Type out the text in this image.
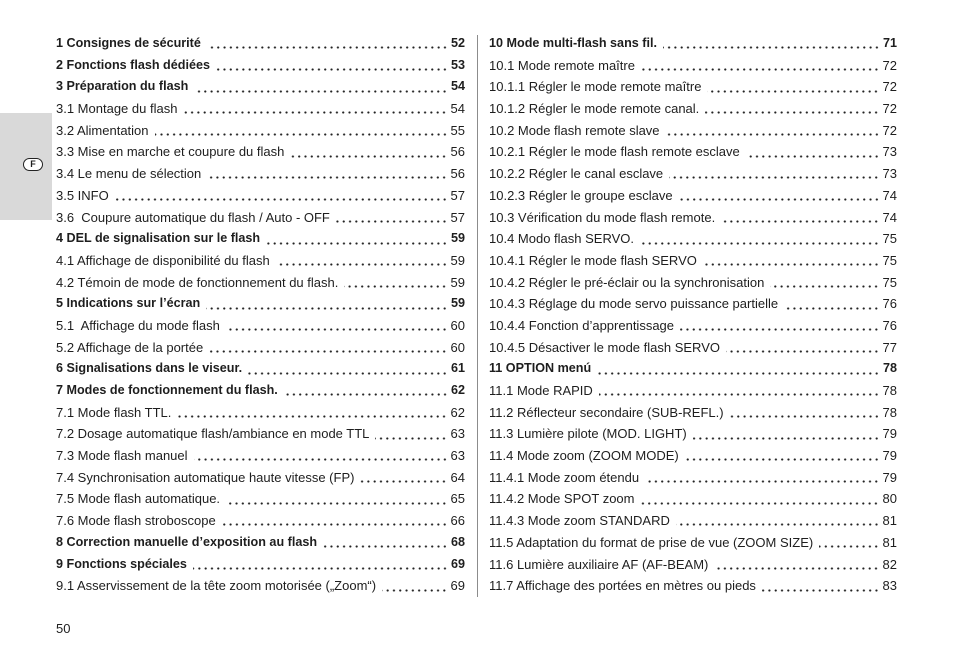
F
1 Consignes de sécurité	52
2 Fonctions flash dédiées	53
3 Préparation du flash	54
3.1 Montage du flash	54
3.2 Alimentation	55
3.3 Mise en marche et coupure du flash	56
3.4 Le menu de sélection	56
3.5 INFO	57
3.6  Coupure automatique du flash / Auto - OFF	57
4 DEL de signalisation sur le flash	59
4.1 Affichage de disponibilité du flash	59
4.2 Témoin de mode de fonctionnement du flash.	59
5 Indications sur l’écran	59
5.1  Affichage du mode flash	60
5.2 Affichage de la portée	60
6 Signalisations dans le viseur.	61
7 Modes de fonctionnement du flash.	62
7.1 Mode flash TTL.	62
7.2 Dosage automatique flash/ambiance en mode TTL	63
7.3 Mode flash manuel	63
7.4 Synchronisation automatique haute vitesse (FP)	64
7.5 Mode flash automatique.	65
7.6 Mode flash stroboscope	66
8 Correction manuelle d’exposition au flash	68
9 Fonctions spéciales	69
9.1 Asservissement de la tête zoom motorisée („Zoom“)	69
10 Mode multi-flash sans fil.	71
10.1 Mode remote maître	72
10.1.1 Régler le mode remote maître	72
10.1.2 Régler le mode remote canal.	72
10.2 Mode flash remote slave	72
10.2.1 Régler le mode flash remote esclave	73
10.2.2 Régler le canal esclave	73
10.2.3 Régler le groupe esclave	74
10.3 Vérification du mode flash remote.	74
10.4 Modo flash SERVO.	75
10.4.1 Régler le mode flash SERVO	75
10.4.2 Régler le pré-éclair ou la synchronisation	75
10.4.3 Réglage du mode servo puissance partielle	76
10.4.4 Fonction d’apprentissage	76
10.4.5 Désactiver le mode flash SERVO	77
11 OPTION menú	78
11.1 Mode RAPID	78
11.2 Réflecteur secondaire (SUB-REFL.)	78
11.3 Lumière pilote (MOD. LIGHT)	79
11.4 Mode zoom (ZOOM MODE)	79
11.4.1 Mode zoom étendu	79
11.4.2 Mode SPOT zoom	80
11.4.3 Mode zoom STANDARD	81
11.5 Adaptation du format de prise de vue (ZOOM SIZE)	81
11.6 Lumière auxiliaire AF (AF-BEAM)	82
11.7 Affichage des portées en mètres ou pieds	83
50
